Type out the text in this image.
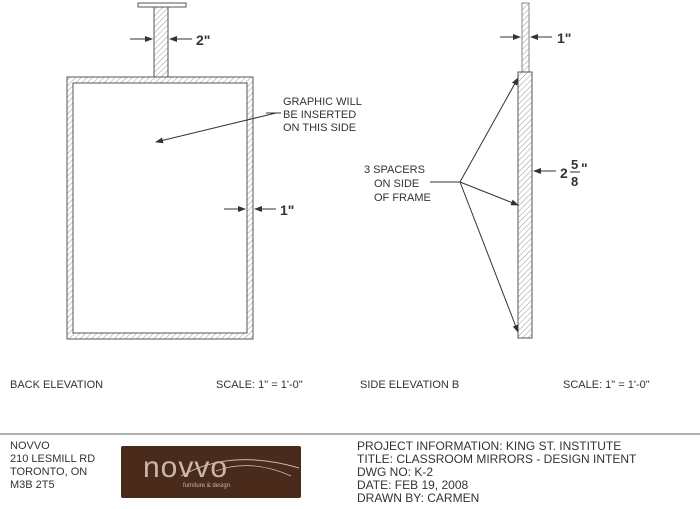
2"
1"
GRAPHIC WILL
BE INSERTED
ON THIS SIDE
BACK ELEVATION	SCALE: 1" = 1'-0"
1"
2
5
8
"
3 SPACERS
ON SIDE
OF FRAME
SIDE ELEVATION B	SCALE: 1" = 1'-0"
NOVVO
210 LESMILL RD
TORONTO, ON
M3B 2T5
novvo
furniture & design
PROJECT INFORMATION: KING ST. INSTITUTE
TITLE: CLASSROOM MIRRORS - DESIGN INTENT
DWG NO: K-2
DATE: FEB 19, 2008
DRAWN BY: CARMEN
